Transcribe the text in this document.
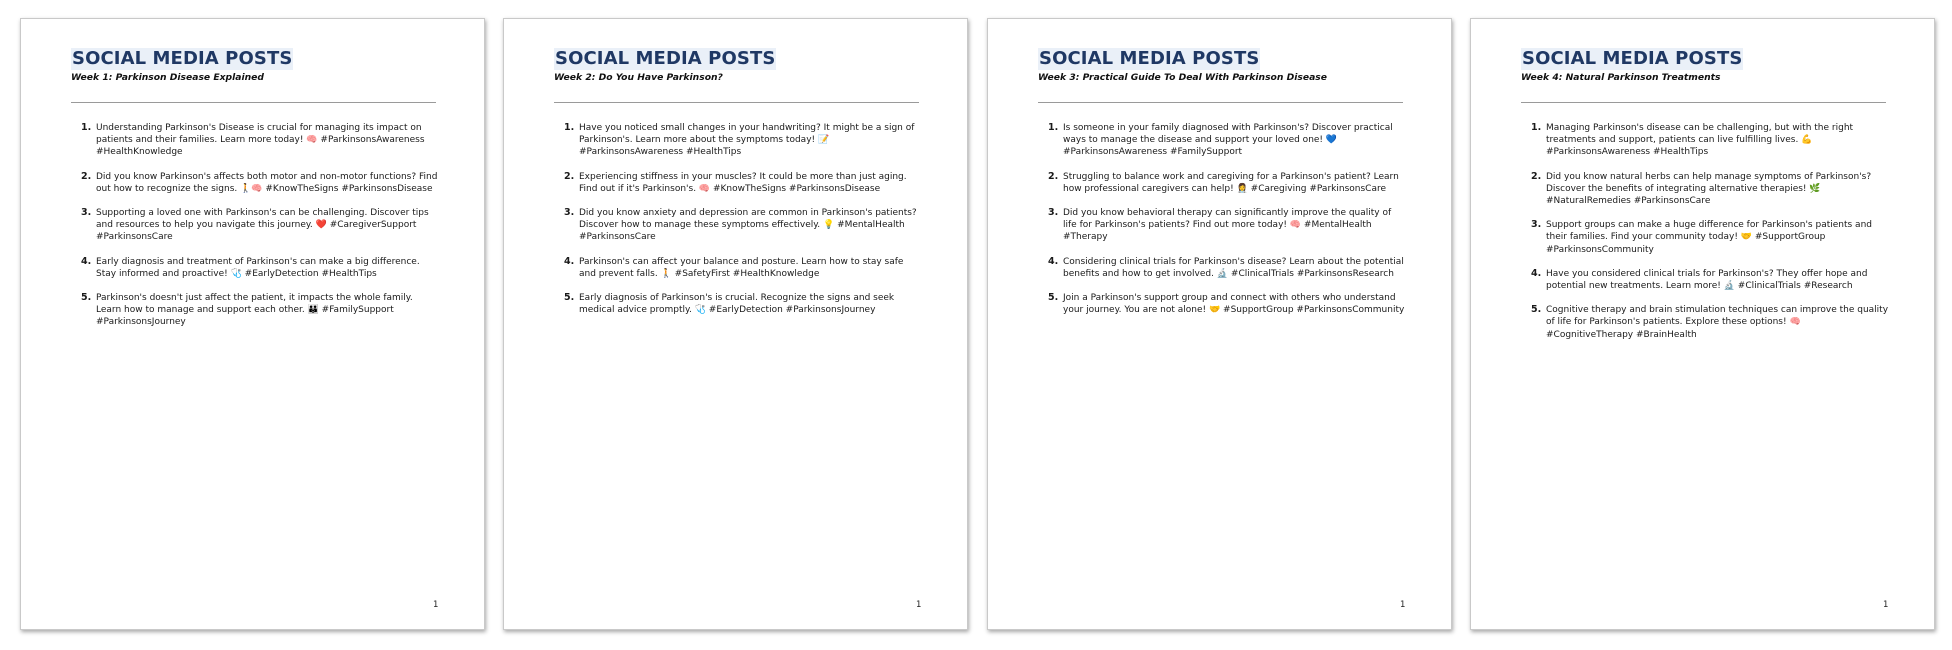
SOCIAL MEDIA POSTS
Week 1: Parkinson Disease Explained
Understanding Parkinson's Disease is crucial for managing its impact on patients and their families. Learn more today! 🧠 #ParkinsonsAwareness #HealthKnowledge
Did you know Parkinson's affects both motor and non-motor functions? Find out how to recognize the signs. 🚶🧠 #KnowTheSigns #ParkinsonsDisease
Supporting a loved one with Parkinson's can be challenging. Discover tips and resources to help you navigate this journey. ❤️ #CaregiverSupport #ParkinsonsCare
Early diagnosis and treatment of Parkinson's can make a big difference. Stay informed and proactive! 🩺 #EarlyDetection #HealthTips
Parkinson's doesn't just affect the patient, it impacts the whole family. Learn how to manage and support each other. 👪 #FamilySupport #ParkinsonsJourney
1
SOCIAL MEDIA POSTS
Week 2: Do You Have Parkinson?
Have you noticed small changes in your handwriting? It might be a sign of Parkinson's. Learn more about the symptoms today! 📝 #ParkinsonsAwareness #HealthTips
Experiencing stiffness in your muscles? It could be more than just aging. Find out if it's Parkinson's. 🧠 #KnowTheSigns #ParkinsonsDisease
Did you know anxiety and depression are common in Parkinson's patients? Discover how to manage these symptoms effectively. 💡 #MentalHealth #ParkinsonsCare
Parkinson's can affect your balance and posture. Learn how to stay safe and prevent falls. 🚶 #SafetyFirst #HealthKnowledge
Early diagnosis of Parkinson's is crucial. Recognize the signs and seek medical advice promptly. 🩺 #EarlyDetection #ParkinsonsJourney
1
SOCIAL MEDIA POSTS
Week 3: Practical Guide To Deal With Parkinson Disease
Is someone in your family diagnosed with Parkinson's? Discover practical ways to manage the disease and support your loved one! 💙 #ParkinsonsAwareness #FamilySupport
Struggling to balance work and caregiving for a Parkinson's patient? Learn how professional caregivers can help! 👩‍⚕️ #Caregiving #ParkinsonsCare
Did you know behavioral therapy can significantly improve the quality of life for Parkinson's patients? Find out more today! 🧠 #MentalHealth #Therapy
Considering clinical trials for Parkinson's disease? Learn about the potential benefits and how to get involved. 🔬 #ClinicalTrials #ParkinsonsResearch
Join a Parkinson's support group and connect with others who understand your journey. You are not alone! 🤝 #SupportGroup #ParkinsonsCommunity
1
SOCIAL MEDIA POSTS
Week 4: Natural Parkinson Treatments
Managing Parkinson's disease can be challenging, but with the right treatments and support, patients can live fulfilling lives. 💪 #ParkinsonsAwareness #HealthTips
Did you know natural herbs can help manage symptoms of Parkinson's? Discover the benefits of integrating alternative therapies! 🌿 #NaturalRemedies #ParkinsonsCare
Support groups can make a huge difference for Parkinson's patients and their families. Find your community today! 🤝 #SupportGroup #ParkinsonsCommunity
Have you considered clinical trials for Parkinson's? They offer hope and potential new treatments. Learn more! 🔬 #ClinicalTrials #Research
Cognitive therapy and brain stimulation techniques can improve the quality of life for Parkinson's patients. Explore these options! 🧠 #CognitiveTherapy #BrainHealth
1
